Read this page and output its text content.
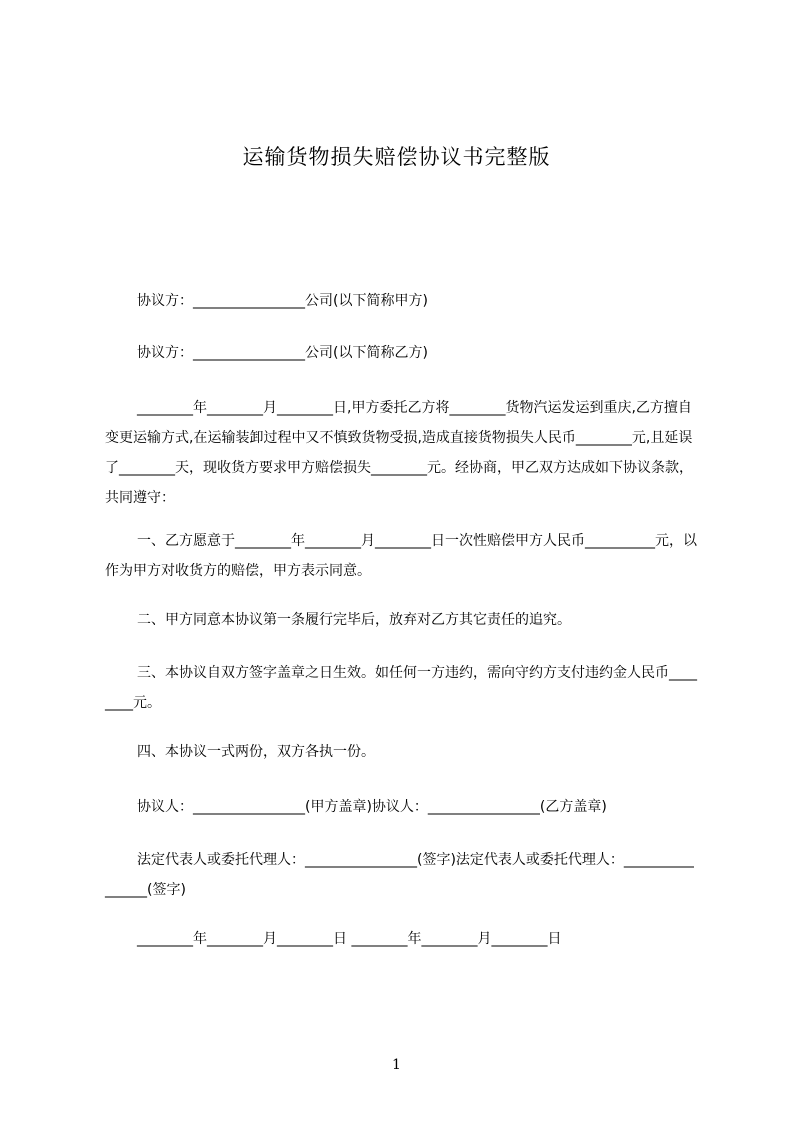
运输货物损失赔偿协议书完整版

协议方：________________公司(以下简称甲方)

协议方：________________公司(以下简称乙方)

________年________月________日,甲方委托乙方将________货物汽运发运到重庆,乙方擅自变更运输方式,在运输装卸过程中又不慎致货物受损,造成直接货物损失人民币________元,且延误了________天，现收货方要求甲方赔偿损失________元。经协商，甲乙双方达成如下协议条款，共同遵守：

一、乙方愿意于________年________月________日一次性赔偿甲方人民币__________元，以作为甲方对收货方的赔偿，甲方表示同意。

二、甲方同意本协议第一条履行完毕后，放弃对乙方其它责任的追究。

三、本协议自双方签字盖章之日生效。如任何一方违约，需向守约方支付违约金人民币________元。

四、本协议一式两份，双方各执一份。

协议人：________________(甲方盖章)协议人：________________(乙方盖章)

法定代表人或委托代理人：________________(签字)法定代表人或委托代理人：________________(签字)

________年________月________日 ________年________月________日

1
